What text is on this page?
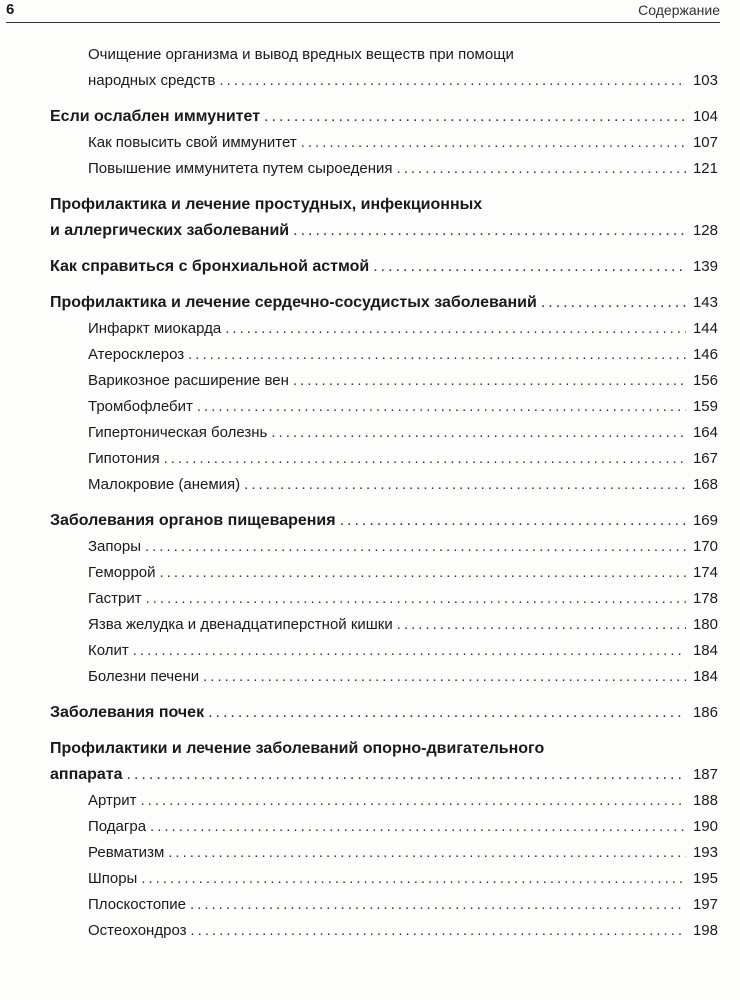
6	Содержание
Очищение организма и вывод вредных веществ при помощи
народных средств .....	103
Если ослаблен иммунитет .....	104
Как повысить свой иммунитет .....	107
Повышение иммунитета путем сыроедения .....	121
Профилактика и лечение простудных, инфекционных
и аллергических заболеваний .....	128
Как справиться с бронхиальной астмой .....	139
Профилактика и лечение сердечно-сосудистых заболеваний .....	143
Инфаркт миокарда .....	144
Атеросклероз .....	146
Варикозное расширение вен .....	156
Тромбофлебит .....	159
Гипертоническая болезнь .....	164
Гипотония .....	167
Малокровие (анемия) .....	168
Заболевания органов пищеварения .....	169
Запоры .....	170
Геморрой .....	174
Гастрит .....	178
Язва желудка и двенадцатиперстной кишки .....	180
Колит .....	184
Болезни печени .....	184
Заболевания почек .....	186
Профилактики и лечение заболеваний опорно-двигательного
аппарата .....	187
Артрит .....	188
Подагра .....	190
Ревматизм .....	193
Шпоры .....	195
Плоскостопие .....	197
Остеохондроз .....	198
